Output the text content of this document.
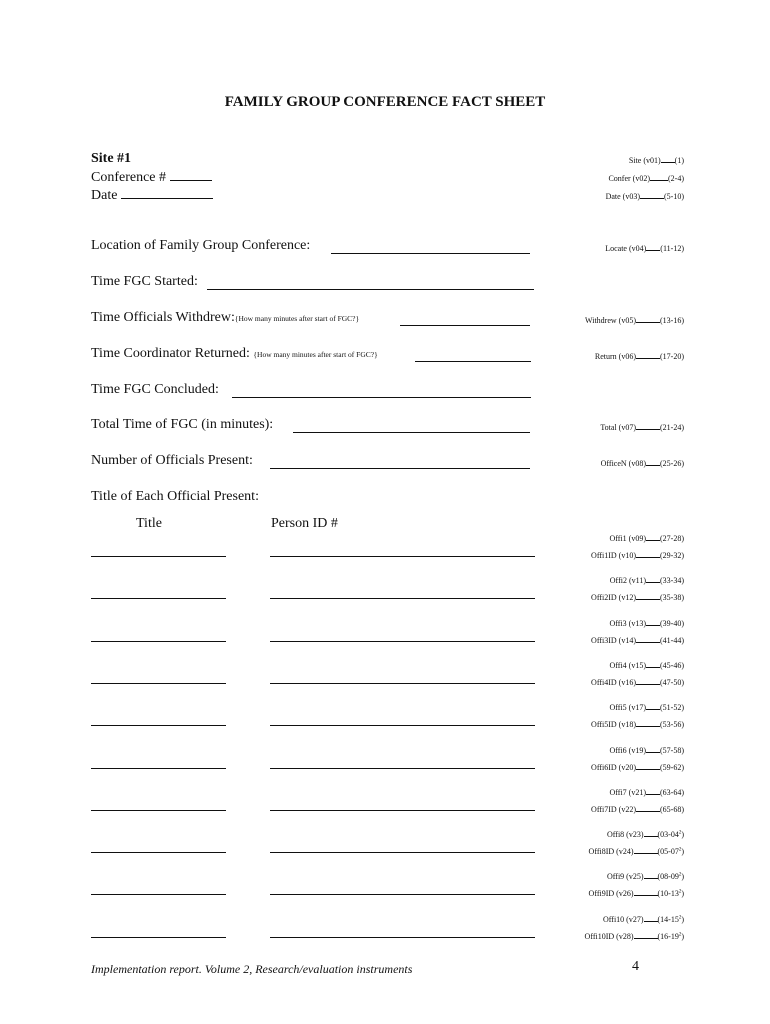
FAMILY GROUP CONFERENCE FACT SHEET
Site #1
Conference #
Date
Site (v01) (1)
Confer (v02) (2-4)
Date (v03)	(5-10)
Location of Family Group Conference:	Locate (v04) (11-12)
Time FGC Started:
Time Officials Withdrew:{How many minutes after start of FGC?}	Withdrew (v05)	(13-16)
Time Coordinator Returned: {How many minutes after start of FGC?}	Return (v06)	(17-20)
Time FGC Concluded:
Total Time of FGC (in minutes):	Total (v07)	(21-24)
Number of Officials Present:	OfficeN (v08) (25-26)
Title of Each Official Present:
Title	Person ID #
Offi1 (v09) (27-28)
Offi1ID (v10)	(29-32)
Offi2 (v11) (33-34)
Offi2ID (v12)	(35-38)
Offi3 (v13) (39-40)
Offi3ID (v14)	(41-44)
Offi4 (v15) (45-46)
Offi4ID (v16)	(47-50)
Offi5 (v17) (51-52)
Offi5ID (v18)	(53-56)
Offi6 (v19) (57-58)
Offi6ID (v20)	(59-62)
Offi7 (v21) (63-64)
Offi7ID (v22)	(65-68)
Offi8 (v23) $(03-04^2)$
Offi8ID (v24)	$(05-07^2)$
Offi9 (v25) $(08-09^2)$
Offi9ID (v26)	$(10-13^2)$
Offi10 (v27) $(14-15^2)$
Offi10ID (v28)	$(16-19^2)$
Implementation report. Volume 2, Research/evaluation instruments	4
